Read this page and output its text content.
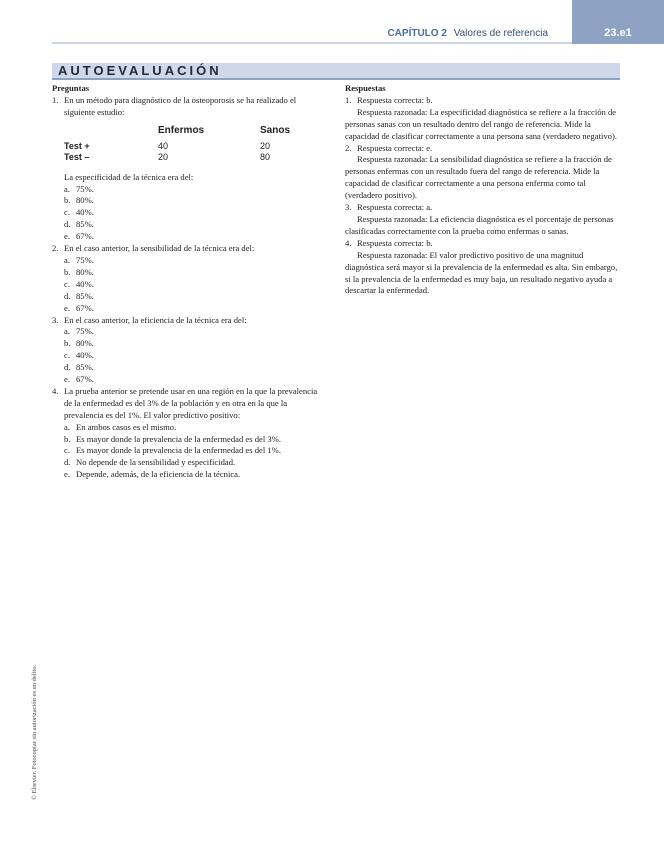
CAPÍTULO 2 Valores de referencia	23.e1
AUTOEVALUACIÓN
Preguntas
1. En un método para diagnóstico de la osteoporosis se ha realizado el siguiente estudio:
	Enfermos	Sanos
Test +	40	20
Test –	20	80
La especificidad de la técnica era del:
a. 75%.
b. 80%.
c. 40%.
d. 85%.
e. 67%.
2. En el caso anterior, la sensibilidad de la técnica era del:
a. 75%.
b. 80%.
c. 40%.
d. 85%.
e. 67%.
3. En el caso anterior, la eficiencia de la técnica era del:
a. 75%.
b. 80%.
c. 40%.
d. 85%.
e. 67%.
4. La prueba anterior se pretende usar en una región en la que la prevalencia de la enfermedad es del 3% de la población y en otra en la que la prevalencia es del 1%. El valor predictivo positivo:
a. En ambos casos es el mismo.
b. Es mayor donde la prevalencia de la enfermedad es del 3%.
c. Es mayor donde la prevalencia de la enfermedad es del 1%.
d. No depende de la sensibilidad y especificidad.
e. Depende, además, de la eficiencia de la técnica.
Respuestas
1. Respuesta correcta: b.
Respuesta razonada: La especificidad diagnóstica se refiere a la fracción de personas sanas con un resultado dentro del rango de referencia. Mide la capacidad de clasificar correctamente a una persona sana (verdadero negativo).
2. Respuesta correcta: e.
Respuesta razonada: La sensibilidad diagnóstica se refiere a la fracción de personas enfermas con un resultado fuera del rango de referencia. Mide la capacidad de clasificar correctamente a una persona enferma como tal (verdadero positivo).
3. Respuesta correcta: a.
Respuesta razonada: La eficiencia diagnóstica es el porcentaje de personas clasificadas correctamente con la prueba como enfermas o sanas.
4. Respuesta correcta: b.
Respuesta razonada: El valor predictivo positivo de una magnitud diagnóstica será mayor si la prevalencia de la enfermedad es alta. Sin embargo, si la prevalencia de la enfermedad es muy baja, un resultado negativo ayuda a descartar la enfermedad.
© Elsevier. Fotocopiar sin autorización es un delito.
